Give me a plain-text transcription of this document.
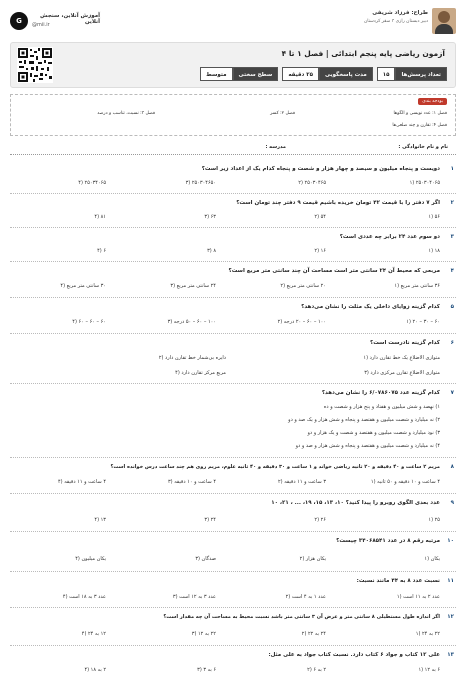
G
آموزش آنلاین، سنجش آنلاین
@mii.ir
طراح: فرزاد شریفی
دبیر دبستان رازی ۳ سقز کردستان
آزمون ریاضی پایه پنجم ابتدائی | فصل ۱ تا ۴
تعداد پرسش‌ها
۱۵
مدت پاسخگویی
۲۵ دقیقه
سطح سختی
متوسط
بودجه بندی
فصل ۱: عدد نویسی و الگوها
فصل ۲: کسر
فصل ۳: نسبت، تناسب و درصد
فصل ۴: تقارن و چند ضلعی‌ها
نام و نام خانوادگی :
مدرسه :
۱
دویست و پنجاه میلیون و سیصد و چهار هزار و شصت و پنجاه کدام یک از اعداد زیر است؟
۲۵۰۳۰۴۰۶۵ (۱
۲۵۰۳۰۴۶۵ (۲
۲۵۰۳۰۴۶۵۰ (۳
۲۵۰۳۴۰۶۵ (۴
۲
اگر ۷ دفتر را با قیمت ۴۲ تومان خریده باشیم قیمت ۹ دفتر چند تومان است؟
۵۶ (۱
۵۴ (۲
۶۳ (۳
۸۱ (۴
۳
دو سوم عدد ۲۴ برابر چه عددی است؟
۱۸ (۱
۱۶ (۲
۸ (۳
۶ (۴
۴
مربعی که محیط آن ۲۴ سانتی متر است مساحت آن چند سانتی متر مربع است؟
۳۶ سانتی متر مربع (۱
۲۰ سانتی متر مربع (۲
۲۴ سانتی متر مربع (۳
۳۰ سانتی متر مربع (۴
۵
کدام گزینه زوایای داخلی یک مثلث را نشان می‌دهد؟
۶۰ – ۳۰ – ۲۰ (۱
۱۰۰ – ۶۰ – ۲۰ درجه (۲
۱۰۰ – ۶۰ – ۵۰ درجه (۳
۶۰ – ۶۰ – ۶۰ (۴
۶
کدام گزینه نادرست است؟
متوازی الاضلاع یک خط تقارن دارد (۱
دایره بی‌شمار خط تقارن دارد (۲
متوازی الاضلاع تقارن مرکزی دارد (۳
مربع مرکز تقارن دارد (۴
۷
کدام گزینه عدد ۶/۰۷۸۶۰۷۵ را نشان می‌دهد؟
۱) نهصد و شش میلیون و هفتاد و پنج هزار و شصت و ده
۲) نه میلیارد و شصت میلیون و هفتصد و پنجاه و شش هزار و یک صد و دو
۳) نود میلیارد و شصت میلیون و هفتصد و شصت و یک هزار و دو
۴) نه میلیارد و شصت میلیون و هفتصد و پنجاه و شش هزار و صد و دو
۸
مریم ۲ ساعت و ۴۰ دقیقه و ۲۰ ثانیه ریاضی خواند و ۱ ساعت و ۳۰ دقیقه و ۴۰ ثانیه علوم، مریم روی هم چند ساعت درس خوانده است؟
۴ ساعت و ۱۰ دقیقه و ۵۰ ثانیه (۱
۳ ساعت و ۱۱ دقیقه (۲
۴ ساعت و ۱۰ دقیقه (۳
۴ ساعت و ۱۱ دقیقه (۴
۹
عدد بعدی الگوی روبرو را پیدا کنید؟ ۱۰، ۱۳، ۱۵، ۱۹، ... ، ۲۱، ۱۰
۲۵ (۱
۲۶ (۲
۲۴ (۳
۱۳ (۴
۱۰
مرتبه رقم ۸ در عدد ۳۴۰۶۸۵۴۱ چیست؟
یکان (۱
یکان هزار (۲
صدگان (۳
یکان میلیون (۴
۱۱
نسبت عدد ۸ به ۴۴ مانند نسبت:
عدد ۲ به ۱۱ است (۱
عدد ۱ به ۴ است (۲
عدد ۳ به ۱۲ است (۳
عدد ۳ به ۱۸ است (۴
۱۲
اگر اندازه طول مستطیلی ۸ سانتی متر و عرض آن ۳ سانتی متر باشد نسبت محیط به مساحت آن چه مقدار است؟
۲۲ به ۲۴ (۱
۲۴ به ۲۲ (۲
۲۲ به ۱۲ (۳
۱۲ به ۲۴ (۴
۱۳
علی ۱۲ کتاب و جواد ۶ کتاب دارد. نسبت کتاب جواد به علی مثل:
۶ به ۱۲ (۱
۲ به ۶ (۲
۶ به ۳ (۳
۲ به ۱۸ (۴
